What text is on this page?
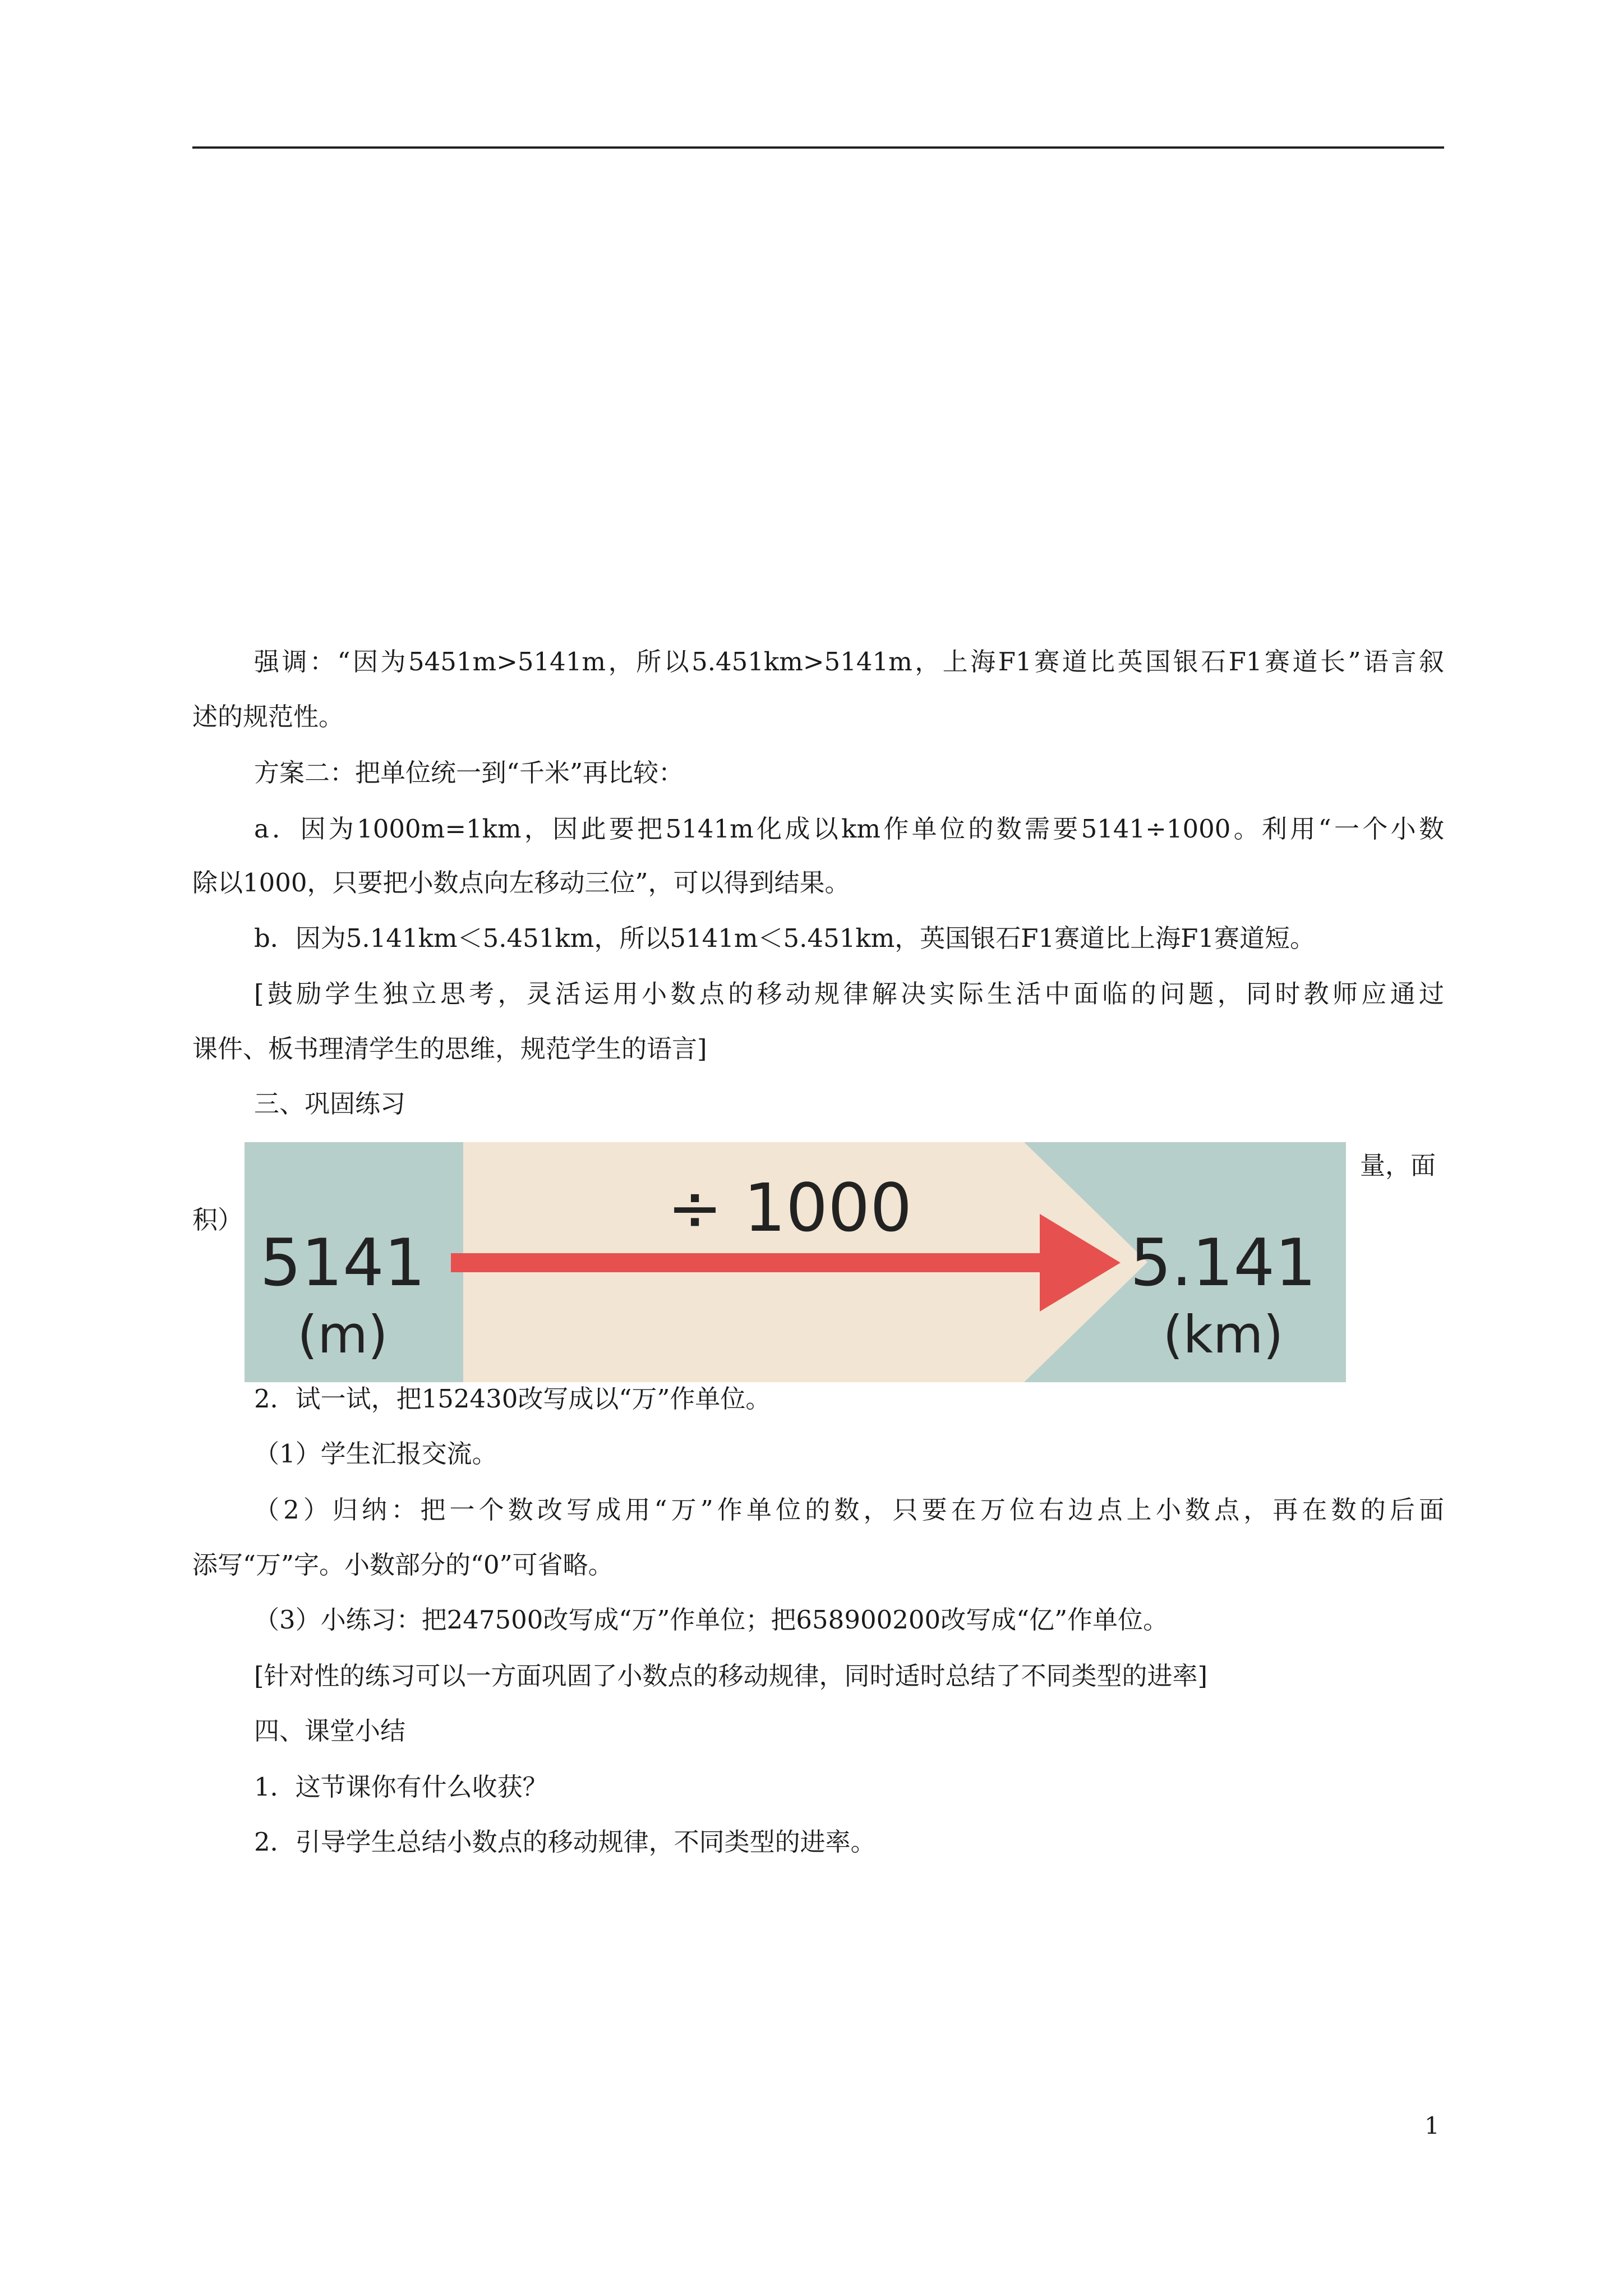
强调：“因为5451m>5141m，所以5.451km>5141m，上海F1赛道比英国银石F1赛道长”语言叙
述的规范性。
方案二：把单位统一到“千米”再比较：
a．因为1000m=1km，因此要把5141m化成以km作单位的数需要5141÷1000。利用“一个小数
除以1000，只要把小数点向左移动三位”，可以得到结果。
b．因为5.141km＜5.451km，所以5141m＜5.451km，英国银石F1赛道比上海F1赛道短。
[鼓励学生独立思考，灵活运用小数点的移动规律解决实际生活中面临的问题，同时教师应通过
课件、板书理清学生的思维，规范学生的语言]
三、巩固练习
量，面
积）	÷ 1000
5141
(m)
5.141
(km)
2．试一试，把152430改写成以“万”作单位。
（1）学生汇报交流。
（2）归纳：把一个数改写成用“万”作单位的数，只要在万位右边点上小数点，再在数的后面
添写“万”字。小数部分的“0”可省略。
（3）小练习：把247500改写成“万”作单位；把658900200改写成“亿”作单位。
[针对性的练习可以一方面巩固了小数点的移动规律，同时适时总结了不同类型的进率]
四、课堂小结
1．这节课你有什么收获？
2．引导学生总结小数点的移动规律，不同类型的进率。
1
